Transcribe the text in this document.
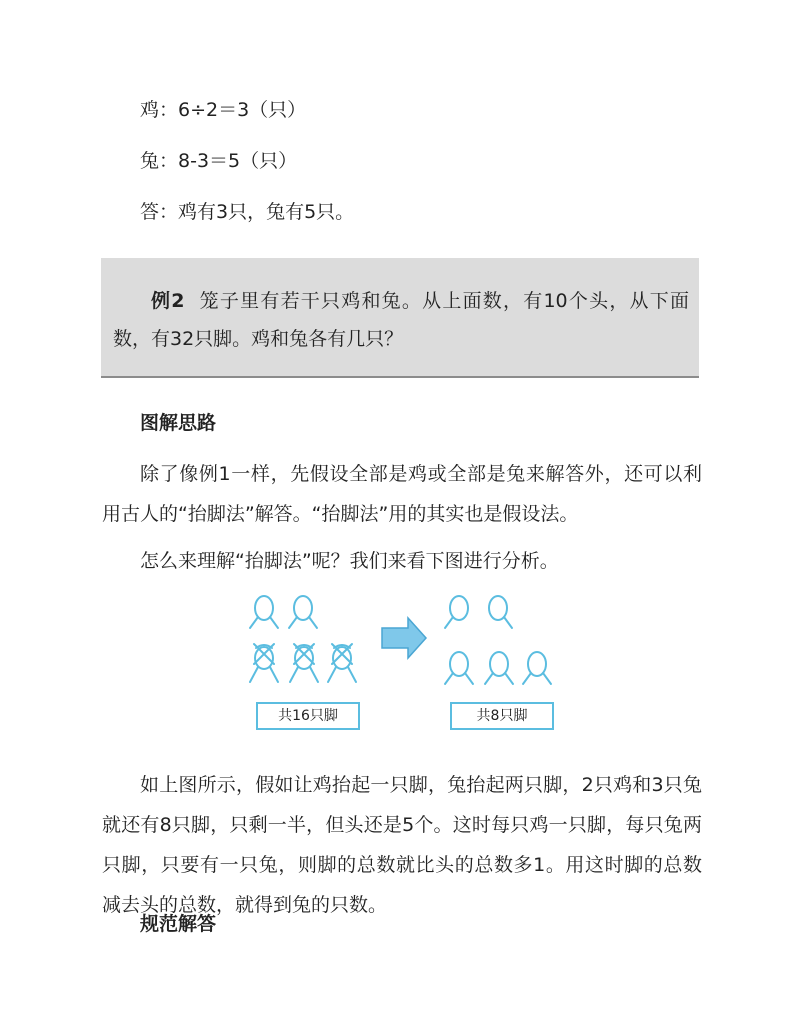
鸡：6÷2＝3（只）
兔：8-3＝5（只）
答：鸡有3只，兔有5只。
例2 笼子里有若干只鸡和兔。从上面数，有10个头，从下面数，有32只脚。鸡和兔各有几只？
图解思路
除了像例1一样，先假设全部是鸡或全部是兔来解答外，还可以利用古人的“抬脚法”解答。“抬脚法”用的其实也是假设法。
怎么来理解“抬脚法”呢？我们来看下图进行分析。
共16只脚	共8只脚
如上图所示，假如让鸡抬起一只脚，兔抬起两只脚，2只鸡和3只兔就还有8只脚，只剩一半，但头还是5个。这时每只鸡一只脚，每只兔两只脚，只要有一只兔，则脚的总数就比头的总数多1。用这时脚的总数减去头的总数，就得到兔的只数。
规范解答
